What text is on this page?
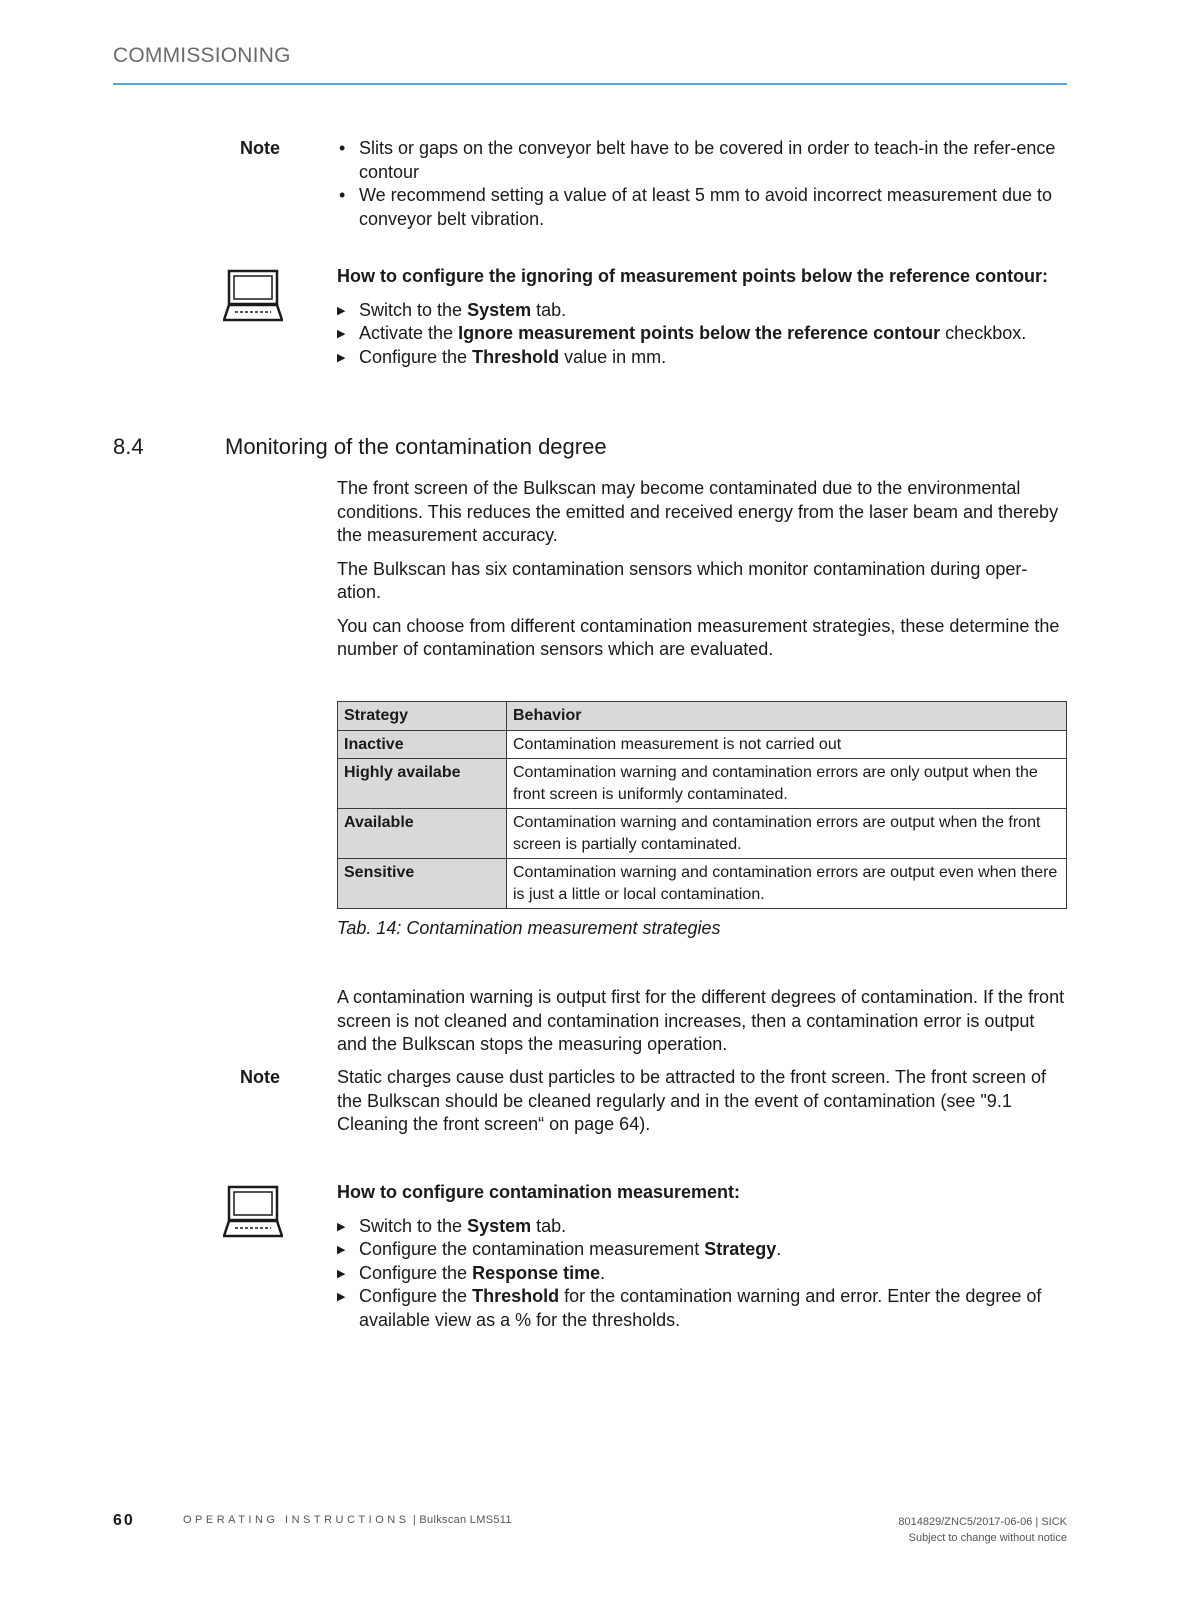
COMMISSIONING
Note	• Slits or gaps on the conveyor belt have to be covered in order to teach-in the refer-ence contour
• We recommend setting a value of at least 5 mm to avoid incorrect measurement due to conveyor belt vibration.
How to configure the ignoring of measurement points below the reference contour:
▶ Switch to the System tab.
▶ Activate the Ignore measurement points below the reference contour checkbox.
▶ Configure the Threshold value in mm.
8.4	Monitoring of the contamination degree

The front screen of the Bulkscan may become contaminated due to the environmental conditions. This reduces the emitted and received energy from the laser beam and thereby the measurement accuracy.

The Bulkscan has six contamination sensors which monitor contamination during oper-ation.

You can choose from different contamination measurement strategies, these determine the number of contamination sensors which are evaluated.

Strategy	Behavior
Inactive	Contamination measurement is not carried out
Highly availabe	Contamination warning and contamination errors are only output when the front screen is uniformly contaminated.
Available	Contamination warning and contamination errors are output when the front screen is partially contaminated.
Sensitive	Contamination warning and contamination errors are output even when there is just a little or local contamination.
Tab. 14: Contamination measurement strategies

A contamination warning is output first for the different degrees of contamination. If the front screen is not cleaned and contamination increases, then a contamination error is output and the Bulkscan stops the measuring operation.

Note	Static charges cause dust particles to be attracted to the front screen. The front screen of the Bulkscan should be cleaned regularly and in the event of contamination (see "9.1 Cleaning the front screen“ on page 64).

How to configure contamination measurement:
▶ Switch to the System tab.
▶ Configure the contamination measurement Strategy.
▶ Configure the Response time.
▶ Configure the Threshold for the contamination warning and error. Enter the degree of available view as a % for the thresholds.
60	OPERATING INSTRUCTIONS | Bulkscan LMS511	8014829/ZNC5/2017-06-06 | SICK
Subject to change without notice
